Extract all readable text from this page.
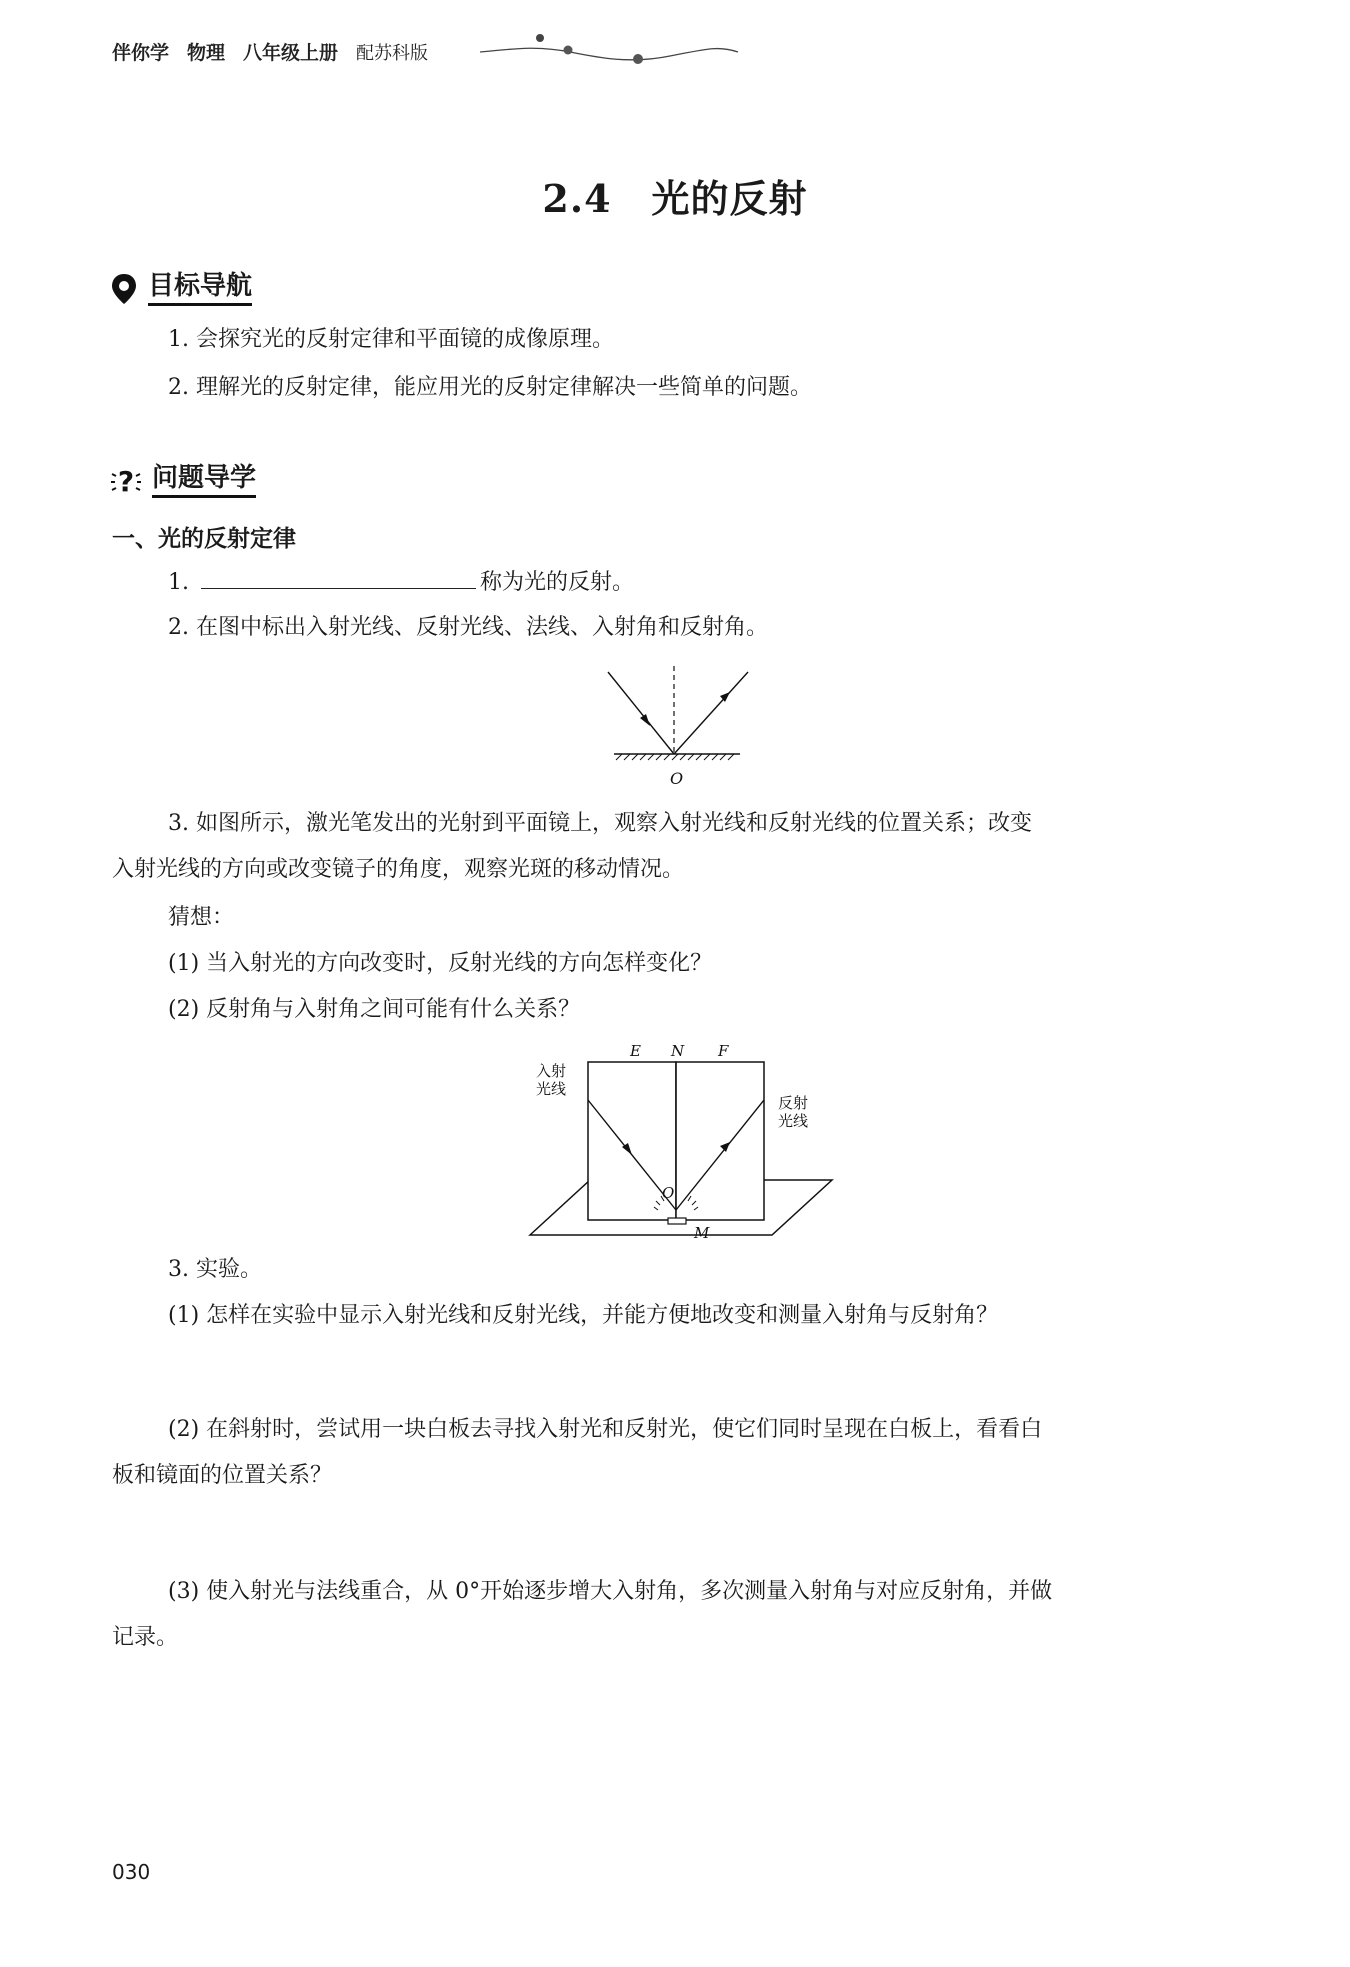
伴你学 物理 八年级上册 配苏科版
2.4 光的反射
目标导航
1. 会探究光的反射定律和平面镜的成像原理。
2. 理解光的反射定律，能应用光的反射定律解决一些简单的问题。
? 问题导学
一、光的反射定律
1.	称为光的反射。
2. 在图中标出入射光线、反射光线、法线、入射角和反射角。
O
3. 如图所示，激光笔发出的光射到平面镜上，观察入射光线和反射光线的位置关系；改变
入射光线的方向或改变镜子的角度，观察光斑的移动情况。
猜想：
(1) 当入射光的方向改变时，反射光线的方向怎样变化？
(2) 反射角与入射角之间可能有什么关系？
E N F
O
M
入射
光线
反射
光线
3. 实验。
(1) 怎样在实验中显示入射光线和反射光线，并能方便地改变和测量入射角与反射角？
(2) 在斜射时，尝试用一块白板去寻找入射光和反射光，使它们同时呈现在白板上，看看白
板和镜面的位置关系？
(3) 使入射光与法线重合，从 0°开始逐步增大入射角，多次测量入射角与对应反射角，并做
记录。
030
